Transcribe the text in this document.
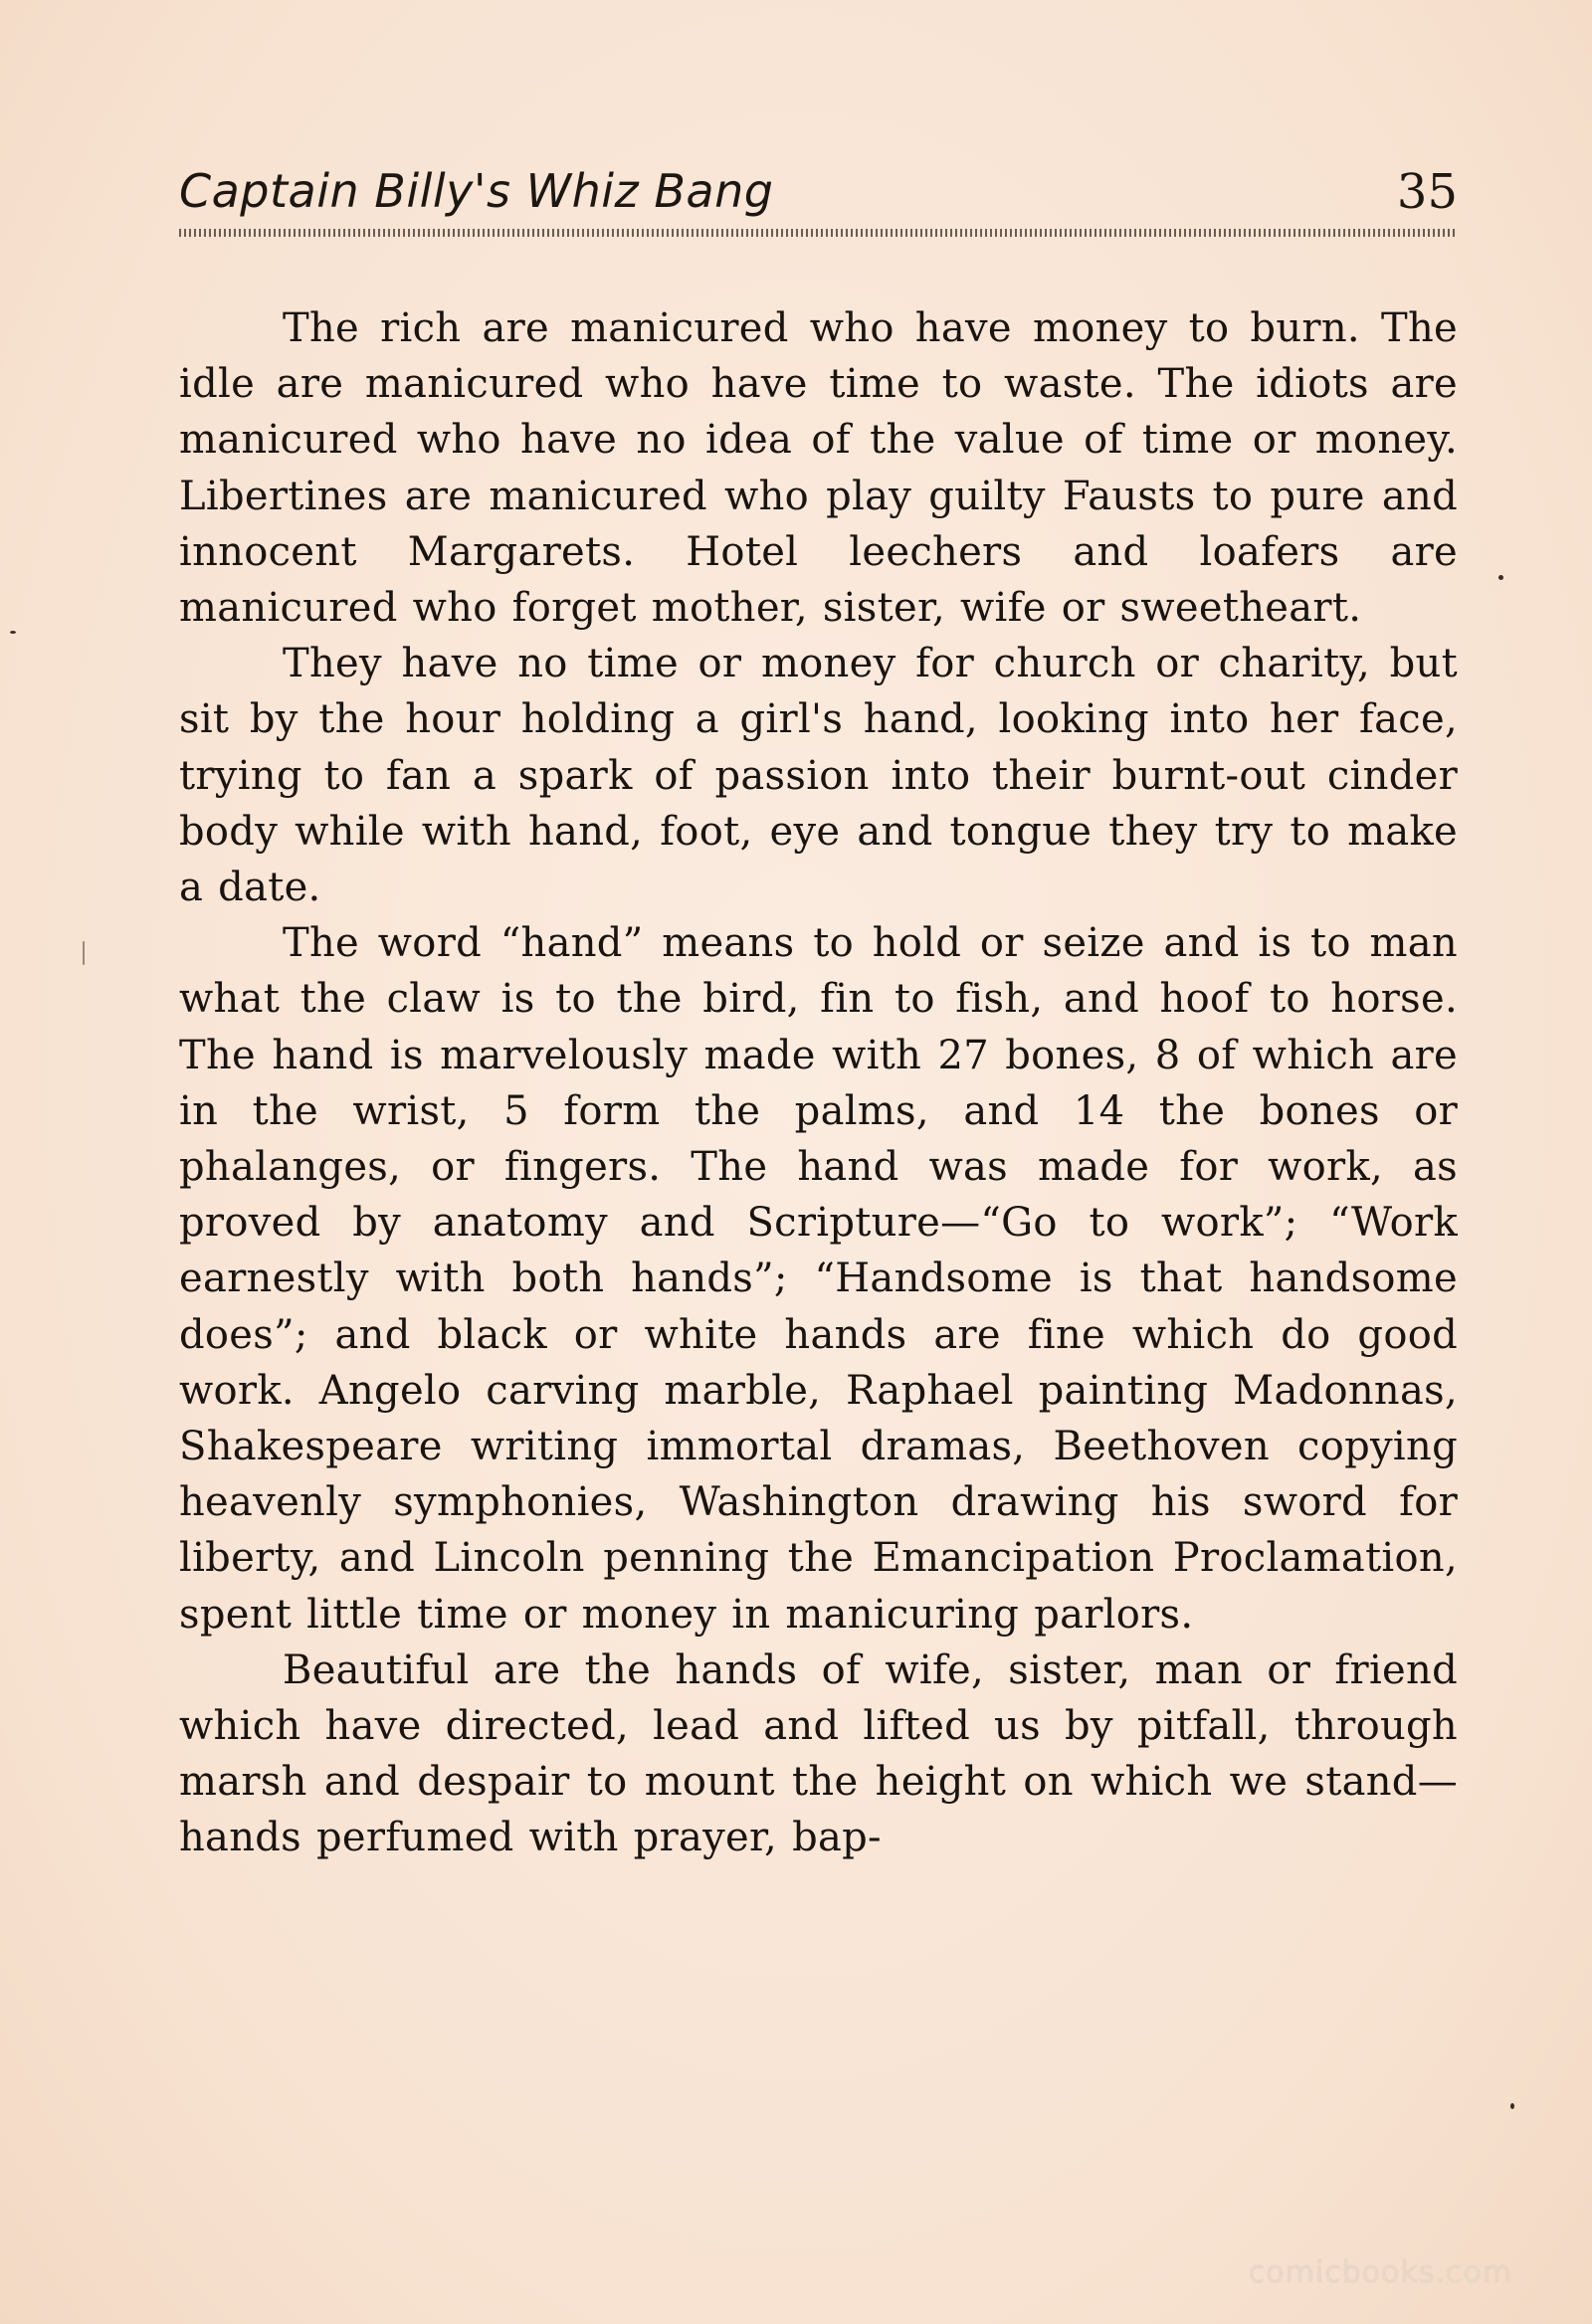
Captain Billy's Whiz Bang	35

The rich are manicured who have money to burn. The idle are manicured who have time to waste. The idiots are manicured who have no idea of the value of time or money. Libertines are manicured who play guilty Fausts to pure and innocent Margarets. Hotel leechers and loafers are manicured who forget mother, sister, wife or sweetheart.

They have no time or money for church or charity, but sit by the hour holding a girl's hand, looking into her face, trying to fan a spark of passion into their burnt-out cinder body while with hand, foot, eye and tongue they try to make a date.

The word “hand” means to hold or seize and is to man what the claw is to the bird, fin to fish, and hoof to horse. The hand is marvelously made with 27 bones, 8 of which are in the wrist, 5 form the palms, and 14 the bones or phalanges, or fingers. The hand was made for work, as proved by anatomy and Scripture—“Go to work”; “Work earnestly with both hands”; “Handsome is that handsome does”; and black or white hands are fine which do good work. Angelo carving marble, Raphael painting Madonnas, Shakespeare writing immortal dramas, Beethoven copying heavenly symphonies, Washington drawing his sword for liberty, and Lincoln penning the Emancipation Proclamation, spent little time or money in manicuring parlors.

Beautiful are the hands of wife, sister, man or friend which have directed, lead and lifted us by pitfall, through marsh and despair to mount the height on which we stand—hands perfumed with prayer, bap-

comicbooks.com
